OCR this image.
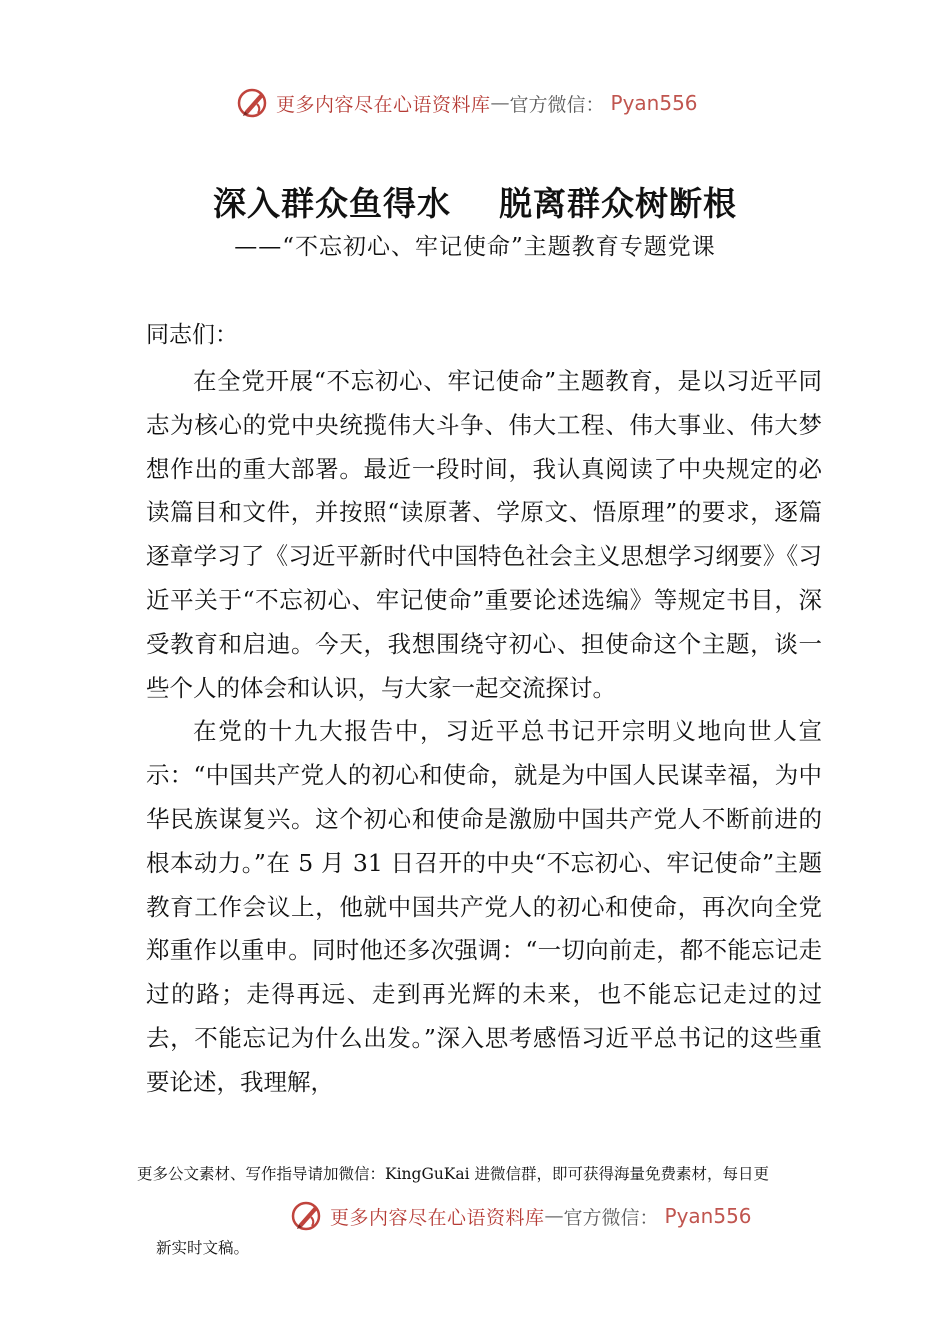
更多内容尽在心语资料库 — 官方微信： Pyan556
深入群众鱼得水 脱离群众树断根
——“不忘初心、牢记使命”主题教育专题党课
同志们：

在全党开展“不忘初心、牢记使命”主题教育，是以习近平同志为核心的党中央统揽伟大斗争、伟大工程、伟大事业、伟大梦想作出的重大部署。最近一段时间，我认真阅读了中央规定的必读篇目和文件，并按照“读原著、学原文、悟原理”的要求，逐篇逐章学习了《习近平新时代中国特色社会主义思想学习纲要》《习近平关于“不忘初心、牢记使命”重要论述选编》等规定书目，深受教育和启迪。今天，我想围绕守初心、担使命这个主题，谈一些个人的体会和认识，与大家一起交流探讨。

在党的十九大报告中，习近平总书记开宗明义地向世人宣示：“中国共产党人的初心和使命，就是为中国人民谋幸福，为中华民族谋复兴。这个初心和使命是激励中国共产党人不断前进的根本动力。”在 5 月 31 日召开的中央“不忘初心、牢记使命”主题教育工作会议上，他就中国共产党人的初心和使命，再次向全党郑重作以重申。同时他还多次强调：“一切向前走，都不能忘记走过的路；走得再远、走到再光辉的未来，也不能忘记走过的过去，不能忘记为什么出发。”深入思考感悟习近平总书记的这些重要论述，我理解，

更多公文素材、写作指导请加微信：KingGuKai 进微信群，即可获得海量免费素材，每日更
更多内容尽在心语资料库 — 官方微信： Pyan556
新实时文稿。
